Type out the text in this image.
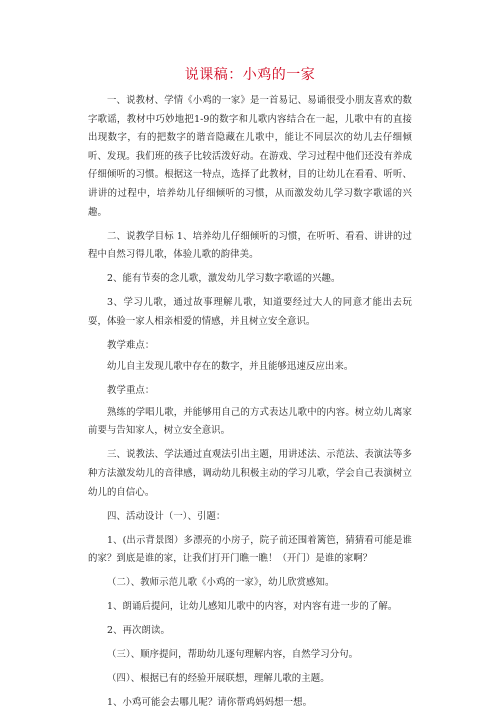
说课稿：小鸡的一家

一、说教材、学情《小鸡的一家》是一首易记、易诵很受小朋友喜欢的数字歌谣，教材中巧妙地把1-9的数字和儿歌内容结合在一起，儿歌中有的直接出现数字，有的把数字的谐音隐藏在儿歌中，能让不同层次的幼儿去仔细倾听、发现。我们班的孩子比较活泼好动。在游戏、学习过程中他们还没有养成仔细倾听的习惯。根据这一特点，选择了此教材，目的让幼儿在看看、听听、讲讲的过程中，培养幼儿仔细倾听的习惯，从而激发幼儿学习数字歌谣的兴趣。

二、说教学目标 1、培养幼儿仔细倾听的习惯，在听听、看看、讲讲的过程中自然习得儿歌，体验儿歌的韵律美。

2、能有节奏的念儿歌，激发幼儿学习数字歌谣的兴趣。

3、学习儿歌，通过故事理解儿歌，知道要经过大人的同意才能出去玩耍，体验一家人相亲相爱的情感，并且树立安全意识。

教学难点：

幼儿自主发现儿歌中存在的数字，并且能够迅速反应出来。

教学重点：

熟练的学唱儿歌，并能够用自己的方式表达儿歌中的内容。树立幼儿离家前要与告知家人，树立安全意识。

三、说教法、学法通过直观法引出主题，用讲述法、示范法、表演法等多种方法激发幼儿的音律感，调动幼儿积极主动的学习儿歌，学会自己表演树立幼儿的自信心。

四、活动设计（一）、引题：

1、(出示背景图）多漂亮的小房子，院子前还围着篱笆，猜猜看可能是谁的家？到底是谁的家，让我们打开门瞧一瞧！（开门）是谁的家啊？

（二）、教师示范儿歌《小鸡的一家》，幼儿欣赏感知。

1、朗诵后提问，让幼儿感知儿歌中的内容，对内容有进一步的了解。

2、再次朗读。

（三）、顺序提问，帮助幼儿逐句理解内容，自然学习分句。

（四）、根据已有的经验开展联想，理解儿歌的主题。

1、小鸡可能会去哪儿呢？请你帮鸡妈妈想一想。
